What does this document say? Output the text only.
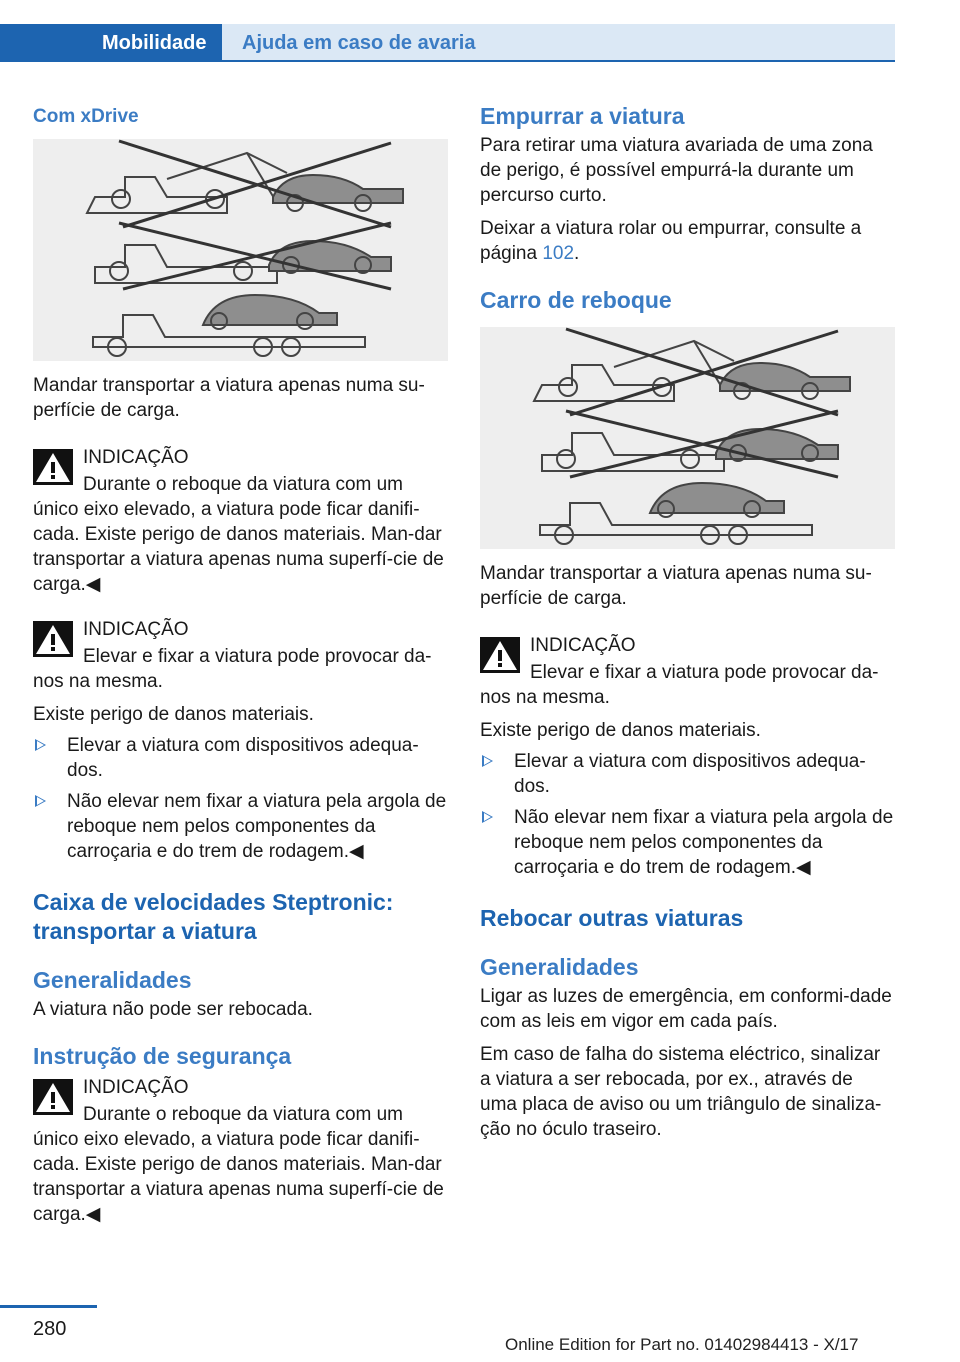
Mobilidade	Ajuda em caso de avaria

Com xDrive

Mandar transportar a viatura apenas numa su-perfície de carga.

INDICAÇÃO
Durante o reboque da viatura com um

único eixo elevado, a viatura pode ficar danifi-cada. Existe perigo de danos materiais. Man-dar transportar a viatura apenas numa superfí-cie de carga.◀

INDICAÇÃO
Elevar e fixar a viatura pode provocar da-

nos na mesma.

Existe perigo de danos materiais.

Elevar a viatura com dispositivos adequa-dos.
Não elevar nem fixar a viatura pela argola de reboque nem pelos componentes da carroçaria e do trem de rodagem.◀

Caixa de velocidades Steptronic: transportar a viatura

Generalidades

A viatura não pode ser rebocada.

Instrução de segurança

INDICAÇÃO
Durante o reboque da viatura com um

único eixo elevado, a viatura pode ficar danifi-cada. Existe perigo de danos materiais. Man-dar transportar a viatura apenas numa superfí-cie de carga.◀

Empurrar a viatura

Para retirar uma viatura avariada de uma zona de perigo, é possível empurrá-la durante um percurso curto.

Deixar a viatura rolar ou empurrar, consulte a página 102.

Carro de reboque

Mandar transportar a viatura apenas numa su-perfície de carga.

INDICAÇÃO
Elevar e fixar a viatura pode provocar da-

nos na mesma.

Existe perigo de danos materiais.

Elevar a viatura com dispositivos adequa-dos.
Não elevar nem fixar a viatura pela argola de reboque nem pelos componentes da carroçaria e do trem de rodagem.◀

Rebocar outras viaturas

Generalidades

Ligar as luzes de emergência, em conformi-dade com as leis em vigor em cada país.

Em caso de falha do sistema eléctrico, sinalizar a viatura a ser rebocada, por ex., através de uma placa de aviso ou um triângulo de sinaliza-ção no óculo traseiro.

280
Online Edition for Part no. 01402984413 - X/17
